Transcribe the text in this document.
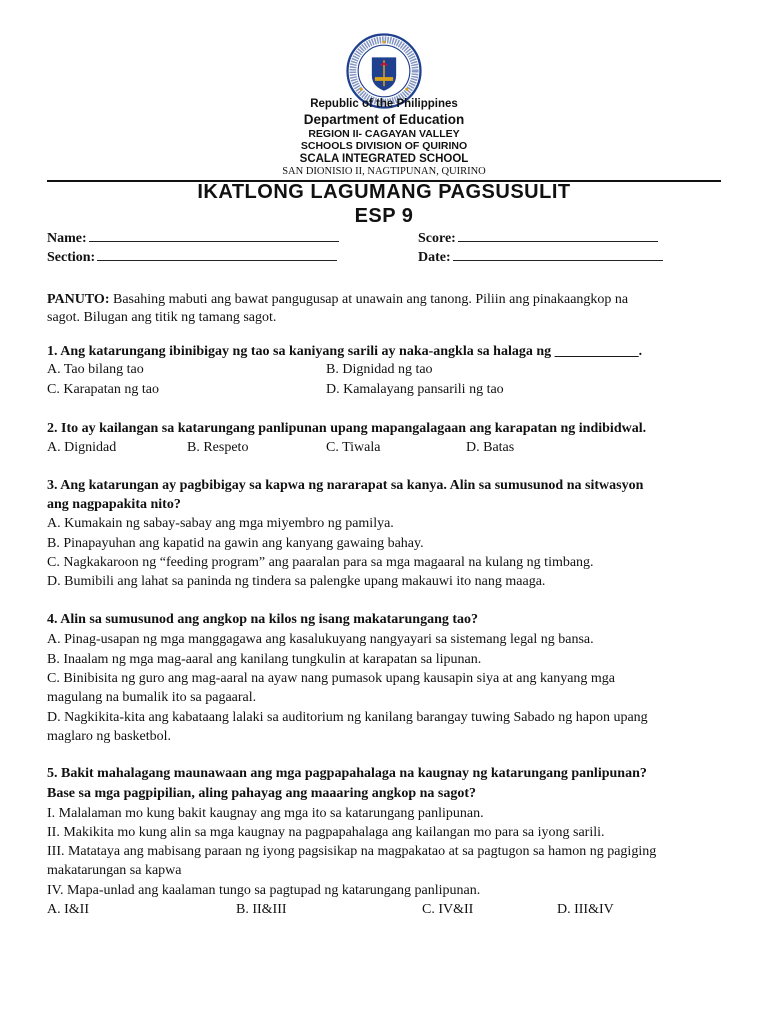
Republic of the Philippines
Department of Education
REGION II- CAGAYAN VALLEY
SCHOOLS DIVISION OF QUIRINO
SCALA INTEGRATED SCHOOL
SAN DIONISIO II, NAGTIPUNAN, QUIRINO
IKATLONG LAGUMANG PAGSUSULIT
ESP 9
Name:	Score:
Section:	Date:
PANUTO: Basahing mabuti ang bawat pangugusap at unawain ang tanong. Piliin ang pinakaangkop na
sagot. Bilugan ang titik ng tamang sagot.
1. Ang katarungang ibinibigay ng tao sa kaniyang sarili ay naka-angkla sa halaga ng ____________.
A. Tao bilang tao	B. Dignidad ng tao
C. Karapatan ng tao	D. Kamalayang pansarili ng tao
2. Ito ay kailangan sa katarungang panlipunan upang mapangalagaan ang karapatan ng indibidwal.
A. Dignidad	B. Respeto	C. Tiwala	D. Batas
3. Ang katarungan ay pagbibigay sa kapwa ng nararapat sa kanya. Alin sa sumusunod na sitwasyon
ang nagpapakita nito?
A. Kumakain ng sabay-sabay ang mga miyembro ng pamilya.
B. Pinapayuhan ang kapatid na gawin ang kanyang gawaing bahay.
C. Nagkakaroon ng “feeding program” ang paaralan para sa mga magaaral na kulang ng timbang.
D. Bumibili ang lahat sa paninda ng tindera sa palengke upang makauwi ito nang maaga.
4. Alin sa sumusunod ang angkop na kilos ng isang makatarungang tao?
A. Pinag-usapan ng mga manggagawa ang kasalukuyang nangyayari sa sistemang legal ng bansa.
B. Inaalam ng mga mag-aaral ang kanilang tungkulin at karapatan sa lipunan.
C. Binibisita ng guro ang mag-aaral na ayaw nang pumasok upang kausapin siya at ang kanyang mga
magulang na bumalik ito sa pagaaral.
D. Nagkikita-kita ang kabataang lalaki sa auditorium ng kanilang barangay tuwing Sabado ng hapon upang
maglaro ng basketbol.
5. Bakit mahalagang maunawaan ang mga pagpapahalaga na kaugnay ng katarungang panlipunan?
Base sa mga pagpipilian, aling pahayag ang maaaring angkop na sagot?
I. Malalaman mo kung bakit kaugnay ang mga ito sa katarungang panlipunan.
II. Makikita mo kung alin sa mga kaugnay na pagpapahalaga ang kailangan mo para sa iyong sarili.
III. Matataya ang mabisang paraan ng iyong pagsisikap na magpakatao at sa pagtugon sa hamon ng pagiging
makatarungan sa kapwa
IV. Mapa-unlad ang kaalaman tungo sa pagtupad ng katarungang panlipunan.
A. I&II	B. II&III	C. IV&II	D. III&IV
